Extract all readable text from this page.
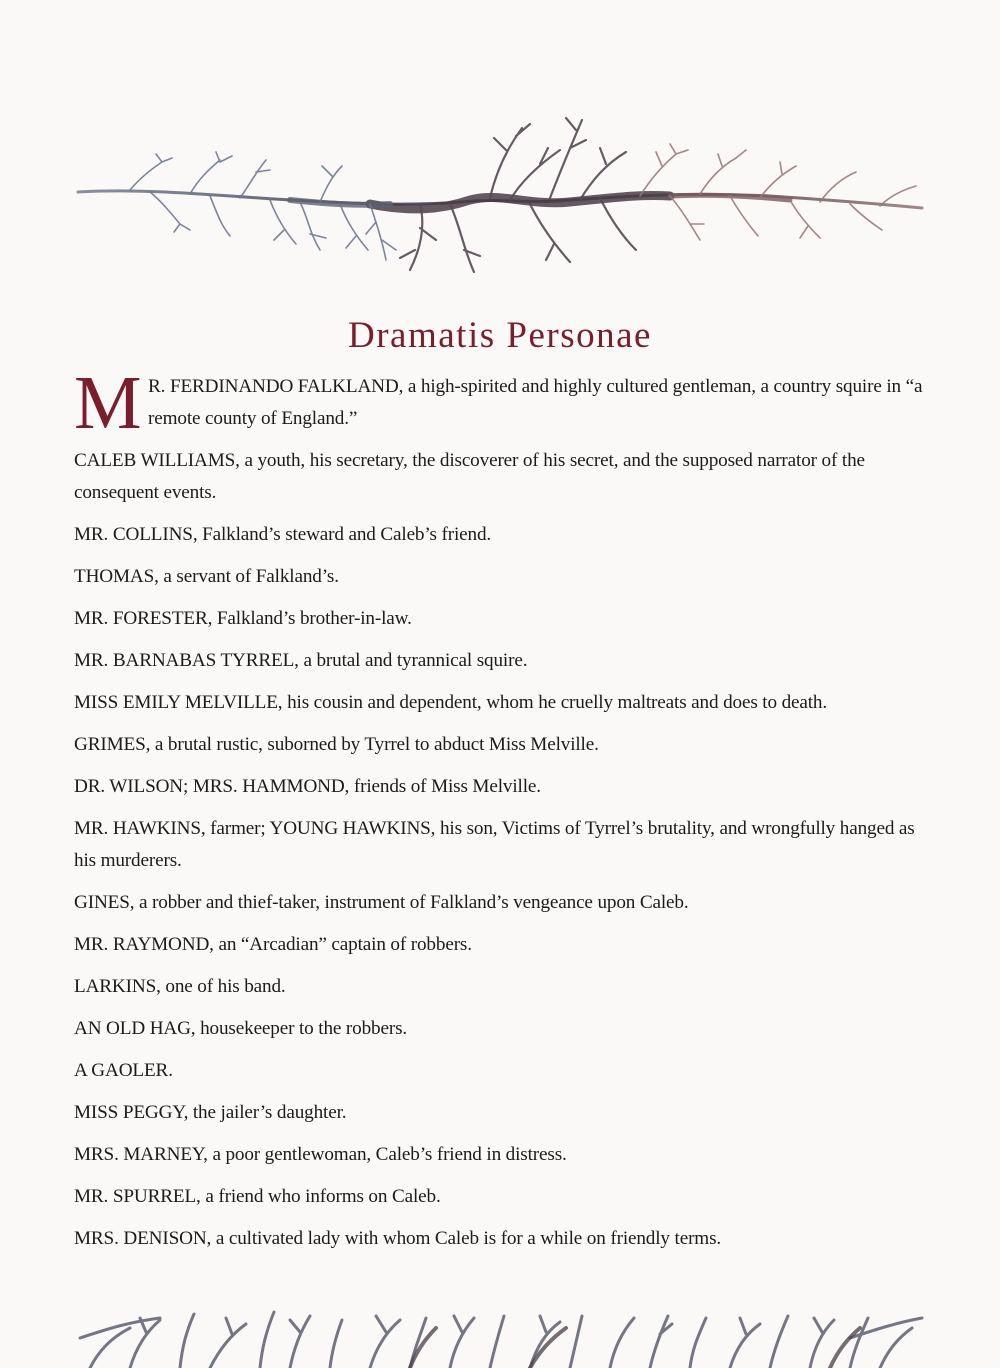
Dramatis Personae
M R. FERDINANDO FALKLAND, a high-spirited and highly cultured gentleman, a country squire in “a remote county of England.”
CALEB WILLIAMS, a youth, his secretary, the discoverer of his secret, and the supposed narrator of the consequent events.
MR. COLLINS, Falkland’s steward and Caleb’s friend.
THOMAS, a servant of Falkland’s.
MR. FORESTER, Falkland’s brother-in-law.
MR. BARNABAS TYRREL, a brutal and tyrannical squire.
MISS EMILY MELVILLE, his cousin and dependent, whom he cruelly maltreats and does to death.
GRIMES, a brutal rustic, suborned by Tyrrel to abduct Miss Melville.
DR. WILSON; MRS. HAMMOND, friends of Miss Melville.
MR. HAWKINS, farmer; YOUNG HAWKINS, his son, Victims of Tyrrel’s brutality, and wrongfully hanged as his murderers.
GINES, a robber and thief-taker, instrument of Falkland’s vengeance upon Caleb.
MR. RAYMOND, an “Arcadian” captain of robbers.
LARKINS, one of his band.
AN OLD HAG, housekeeper to the robbers.
A GAOLER.
MISS PEGGY, the jailer’s daughter.
MRS. MARNEY, a poor gentlewoman, Caleb’s friend in distress.
MR. SPURREL, a friend who informs on Caleb.
MRS. DENISON, a cultivated lady with whom Caleb is for a while on friendly terms.
